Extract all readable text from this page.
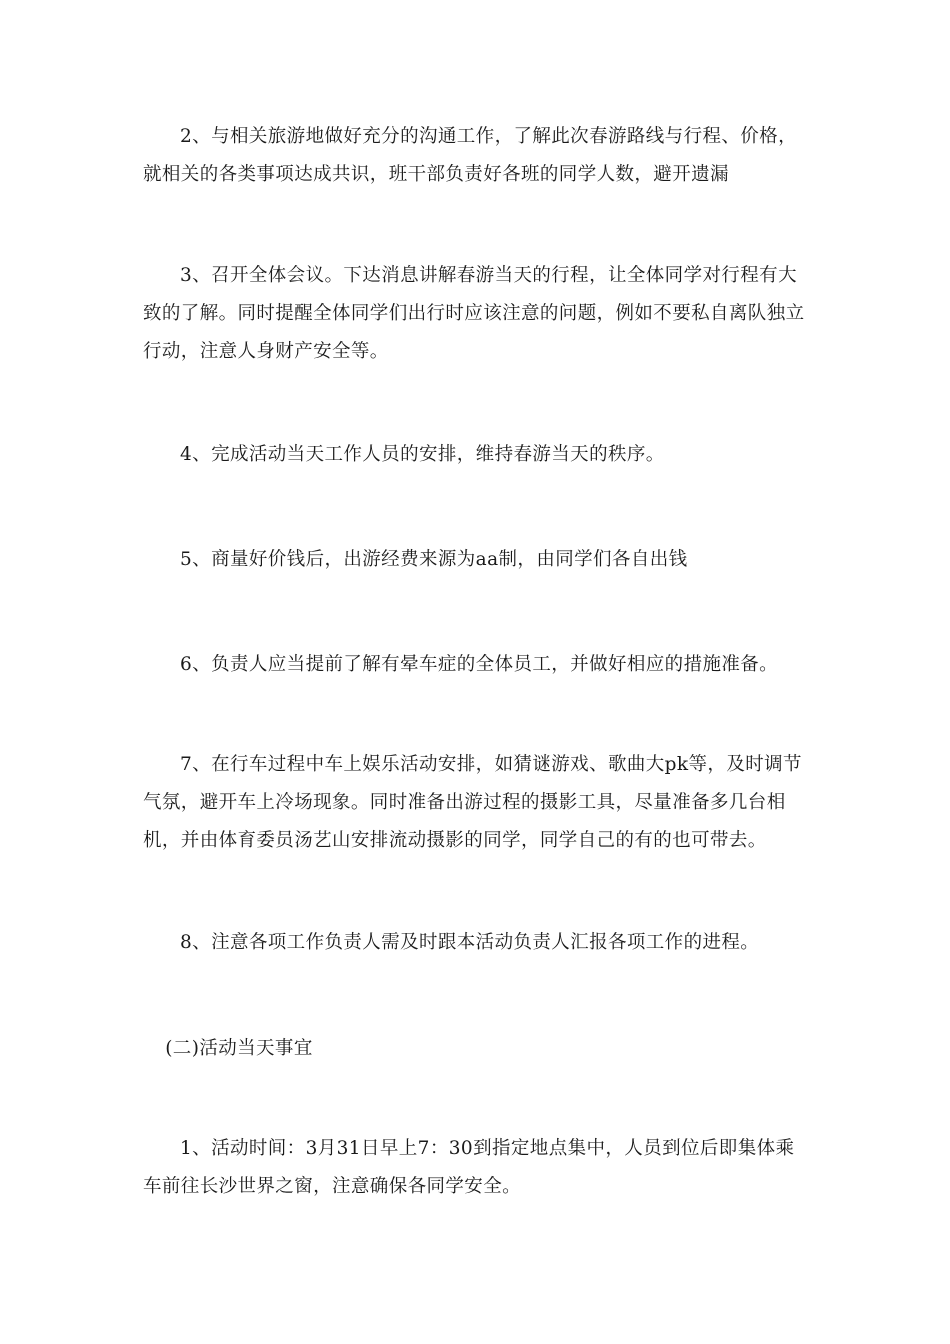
2、与相关旅游地做好充分的沟通工作，了解此次春游路线与行程、价格，就相关的各类事项达成共识，班干部负责好各班的同学人数，避开遗漏

3、召开全体会议。下达消息讲解春游当天的行程，让全体同学对行程有大致的了解。同时提醒全体同学们出行时应该注意的问题，例如不要私自离队独立行动，注意人身财产安全等。

4、完成活动当天工作人员的安排，维持春游当天的秩序。

5、商量好价钱后，出游经费来源为aa制，由同学们各自出钱

6、负责人应当提前了解有晕车症的全体员工，并做好相应的措施准备。

7、在行车过程中车上娱乐活动安排，如猜谜游戏、歌曲大pk等，及时调节气氛，避开车上冷场现象。同时准备出游过程的摄影工具，尽量准备多几台相机，并由体育委员汤艺山安排流动摄影的同学，同学自己的有的也可带去。

8、注意各项工作负责人需及时跟本活动负责人汇报各项工作的进程。

(二)活动当天事宜

1、活动时间：3月31日早上7：30到指定地点集中，人员到位后即集体乘车前往长沙世界之窗，注意确保各同学安全。
